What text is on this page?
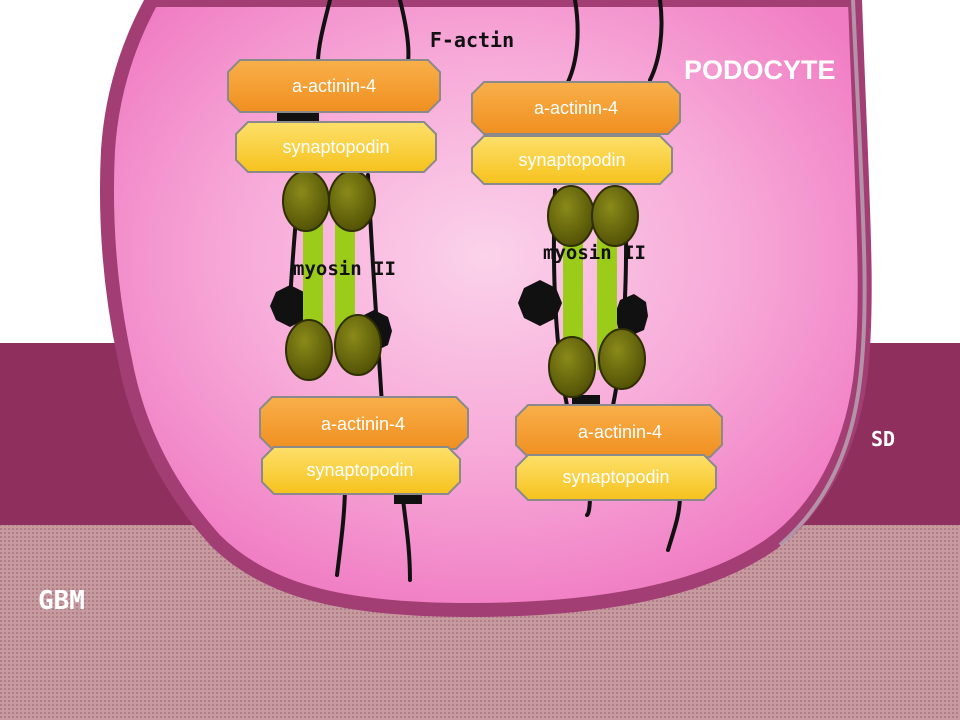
a-actinin-4
synaptopodin
a-actinin-4
synaptopodin
a-actinin-4
synaptopodin
a-actinin-4
synaptopodin
myosin II
myosin II
F-actin
PODOCYTE
SD
GBM
